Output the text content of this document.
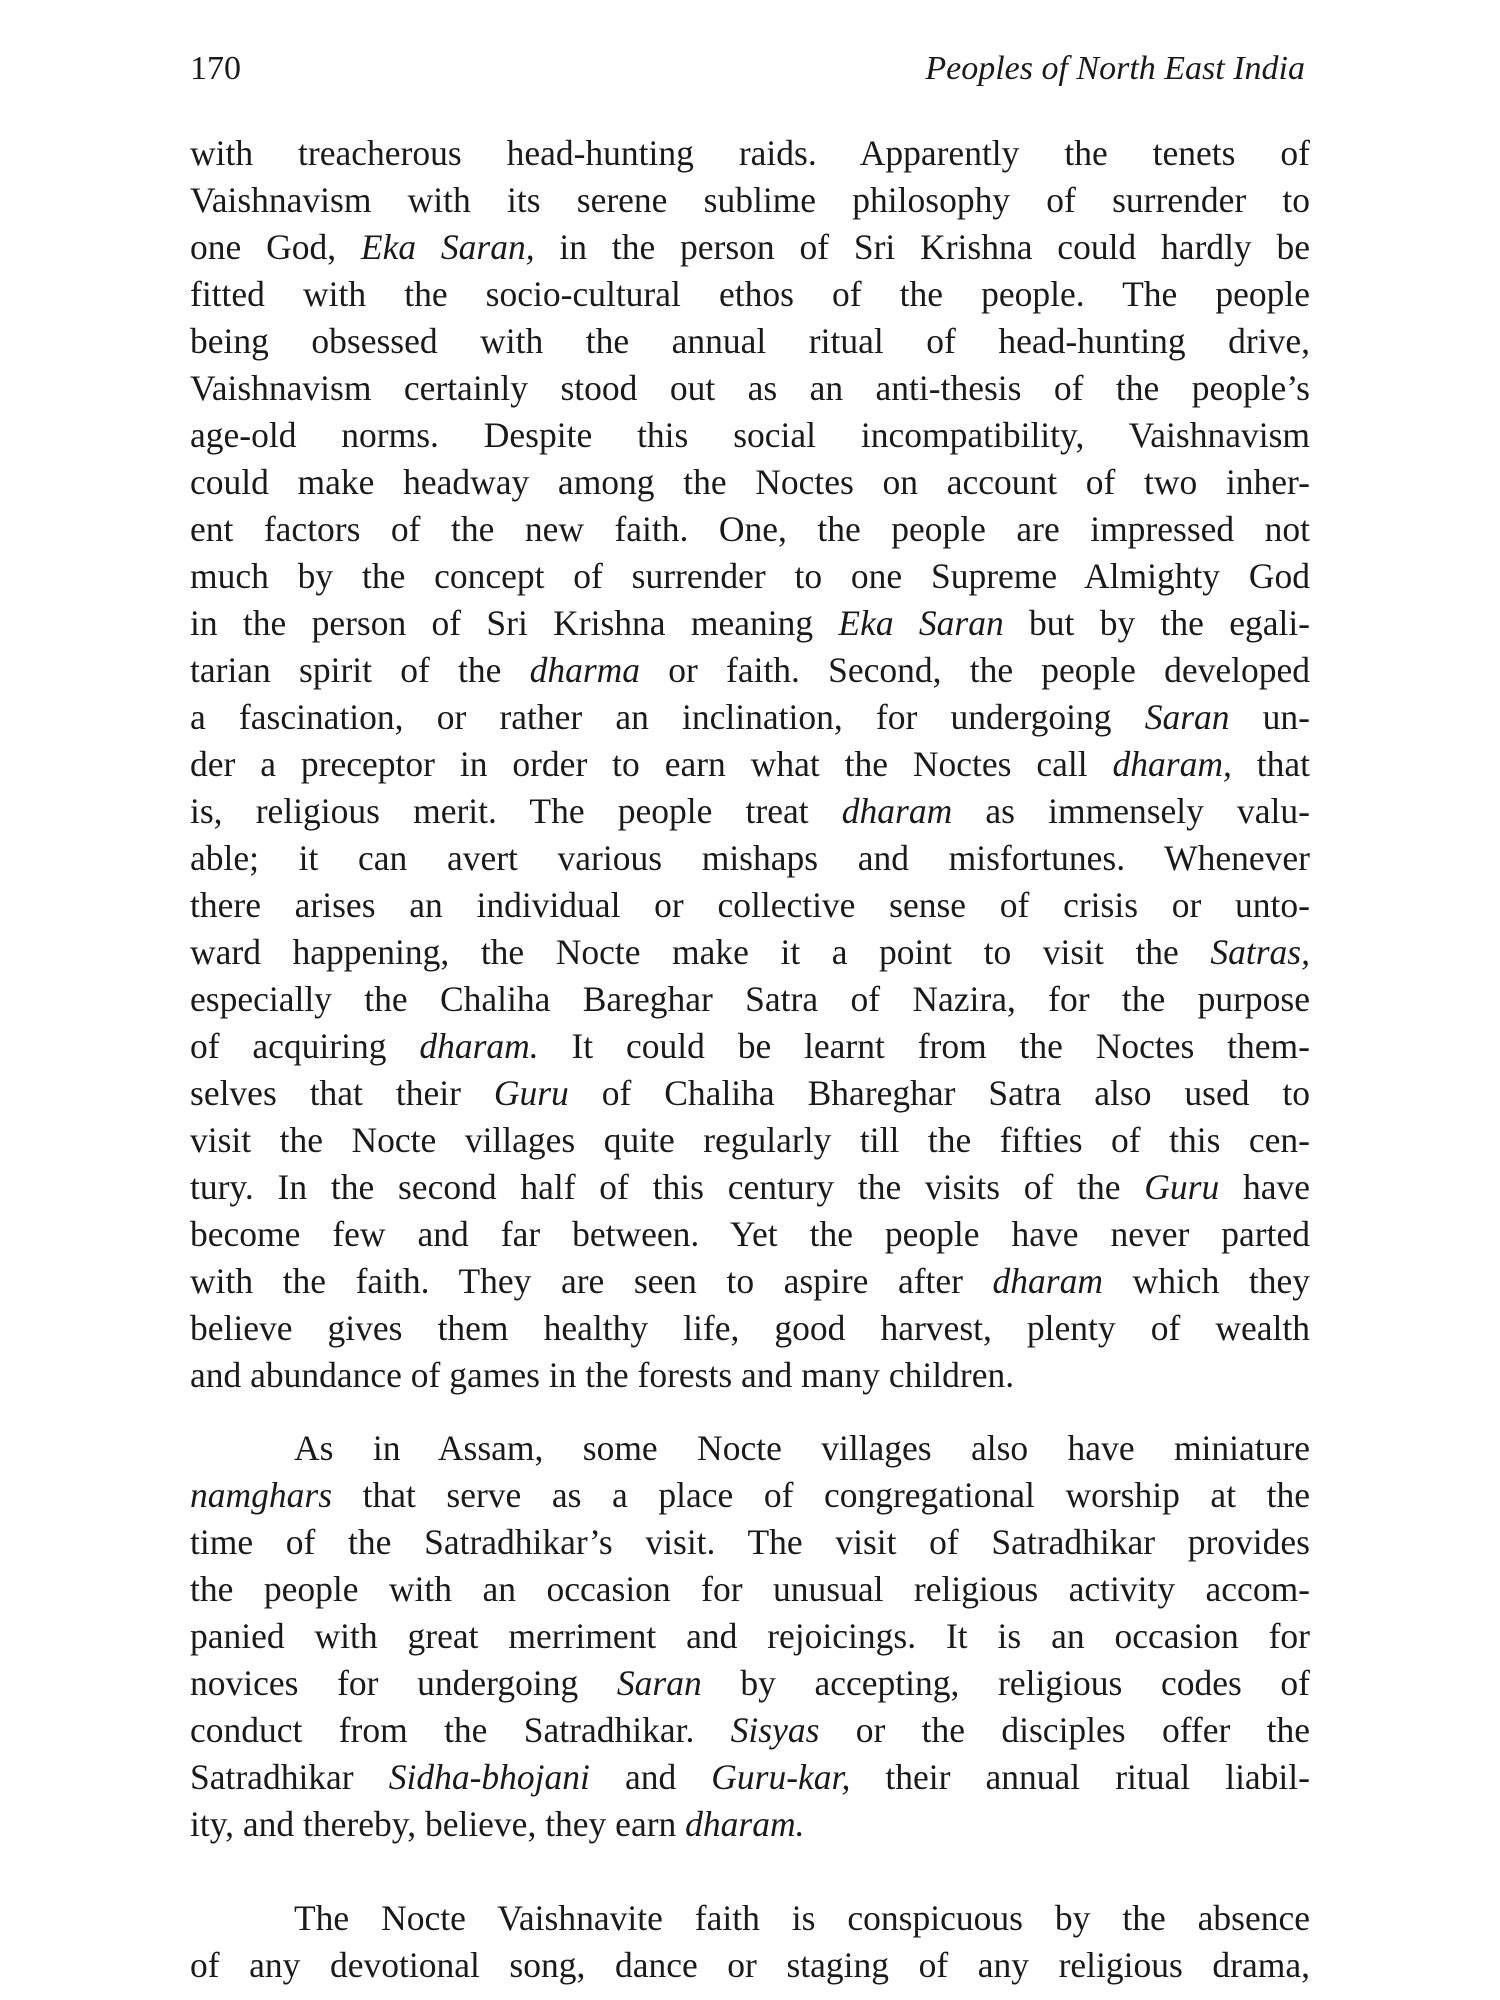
170	Peoples of North East India
with treacherous head-hunting raids. Apparently the tenets of
Vaishnavism with its serene sublime philosophy of surrender to
one God, Eka Saran, in the person of Sri Krishna could hardly be
fitted with the socio-cultural ethos of the people. The people
being obsessed with the annual ritual of head-hunting drive,
Vaishnavism certainly stood out as an anti-thesis of the people’s
age-old norms. Despite this social incompatibility, Vaishnavism
could make headway among the Noctes on account of two inher-
ent factors of the new faith. One, the people are impressed not
much by the concept of surrender to one Supreme Almighty God
in the person of Sri Krishna meaning Eka Saran but by the egali-
tarian spirit of the dharma or faith. Second, the people developed
a fascination, or rather an inclination, for undergoing Saran un-
der a preceptor in order to earn what the Noctes call dharam, that
is, religious merit. The people treat dharam as immensely valu-
able; it can avert various mishaps and misfortunes. Whenever
there arises an individual or collective sense of crisis or unto-
ward happening, the Nocte make it a point to visit the Satras,
especially the Chaliha Bareghar Satra of Nazira, for the purpose
of acquiring dharam. It could be learnt from the Noctes them-
selves that their Guru of Chaliha Bhareghar Satra also used to
visit the Nocte villages quite regularly till the fifties of this cen-
tury. In the second half of this century the visits of the Guru have
become few and far between. Yet the people have never parted
with the faith. They are seen to aspire after dharam which they
believe gives them healthy life, good harvest, plenty of wealth
and abundance of games in the forests and many children.
As in Assam, some Nocte villages also have miniature
namghars that serve as a place of congregational worship at the
time of the Satradhikar’s visit. The visit of Satradhikar provides
the people with an occasion for unusual religious activity accom-
panied with great merriment and rejoicings. It is an occasion for
novices for undergoing Saran by accepting, religious codes of
conduct from the Satradhikar. Sisyas or the disciples offer the
Satradhikar Sidha-bhojani and Guru-kar, their annual ritual liabil-
ity, and thereby, believe, they earn dharam.
The Nocte Vaishnavite faith is conspicuous by the absence
of any devotional song, dance or staging of any religious drama,
